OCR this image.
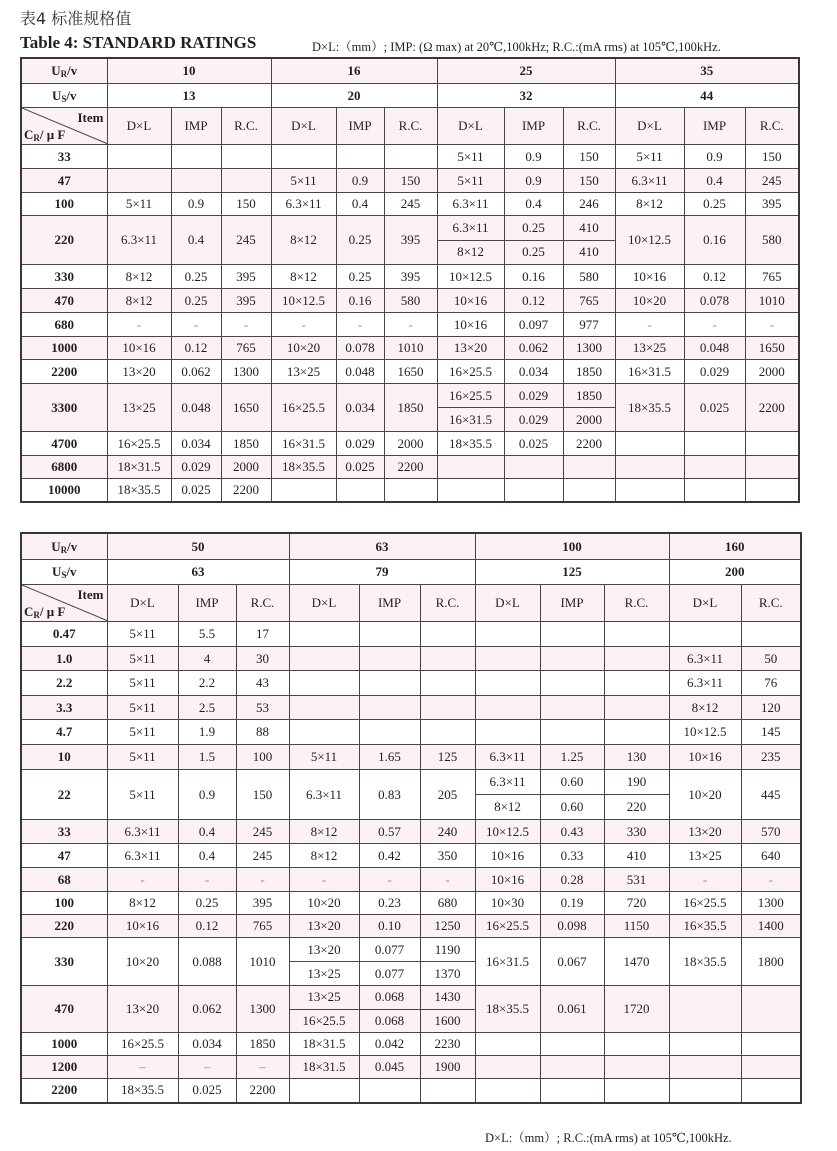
表4 标准规格值
Table 4: STANDARD RATINGS	D×L:（mm）; IMP: (Ω max) at 20℃,100kHz; R.C.:(mA rms) at 105℃,100kHz.
$U_R/v$	10			16			25			35		
$U_S/v$	13			20			32			44		

Item
$C_R/$ μ F	D×L	IMP	R.C.	D×L	IMP	R.C.	D×L	IMP	R.C.	D×L	IMP	R.C.
33							5×11	0.9	150	5×11	0.9	150
47				5×11	0.9	150	5×11	0.9	150	6.3×11	0.4	245
100	5×11	0.9	150	6.3×11	0.4	245	6.3×11	0.4	246	8×12	0.25	395
220	6.3×11	0.4	245	8×12	0.25	395	6.3×11	0.25	410	10×12.5	0.16	580
							8×12	0.25	410			
330	8×12	0.25	395	8×12	0.25	395	10×12.5	0.16	580	10×16	0.12	765
470	8×12	0.25	395	10×12.5	0.16	580	10×16	0.12	765	10×20	0.078	1010
680	-	-	-	-	-	-	10×16	0.097	977	-	-	-
1000	10×16	0.12	765	10×20	0.078	1010	13×20	0.062	1300	13×25	0.048	1650
2200	13×20	0.062	1300	13×25	0.048	1650	16×25.5	0.034	1850	16×31.5	0.029	2000
3300	13×25	0.048	1650	16×25.5	0.034	1850	16×25.5	0.029	1850	18×35.5	0.025	2200
							16×31.5	0.029	2000			
4700	16×25.5	0.034	1850	16×31.5	0.029	2000	18×35.5	0.025	2200			
6800	18×31.5	0.029	2000	18×35.5	0.025	2200						
10000	18×35.5	0.025	2200									
$U_R/v$	50			63			100			160	
$U_S/v$	63			79			125			200	

Item
$C_R/$ μ F	D×L	IMP	R.C.	D×L	IMP	R.C.	D×L	IMP	R.C.	D×L	R.C.
0.47	5×11	5.5	17								
1.0	5×11	4	30							6.3×11	50
2.2	5×11	2.2	43							6.3×11	76
3.3	5×11	2.5	53							8×12	120
4.7	5×11	1.9	88							10×12.5	145
10	5×11	1.5	100	5×11	1.65	125	6.3×11	1.25	130	10×16	235
22	5×11	0.9	150	6.3×11	0.83	205	6.3×11	0.60	190	10×20	445
							8×12	0.60	220		
33	6.3×11	0.4	245	8×12	0.57	240	10×12.5	0.43	330	13×20	570
47	6.3×11	0.4	245	8×12	0.42	350	10×16	0.33	410	13×25	640
68	-	-	-	-	-	-	10×16	0.28	531	-	-
100	8×12	0.25	395	10×20	0.23	680	10×30	0.19	720	16×25.5	1300
220	10×16	0.12	765	13×20	0.10	1250	16×25.5	0.098	1150	16×35.5	1400
330	10×20	0.088	1010	13×20	0.077	1190	16×31.5	0.067	1470	18×35.5	1800
				13×25	0.077	1370					
470	13×20	0.062	1300	13×25	0.068	1430	18×35.5	0.061	1720		
				16×25.5	0.068	1600					
1000	16×25.5	0.034	1850	18×31.5	0.042	2230					
1200	–	–	–	18×31.5	0.045	1900					
2200	18×35.5	0.025	2200								
D×L:（mm）; R.C.:(mA rms) at 105℃,100kHz.
